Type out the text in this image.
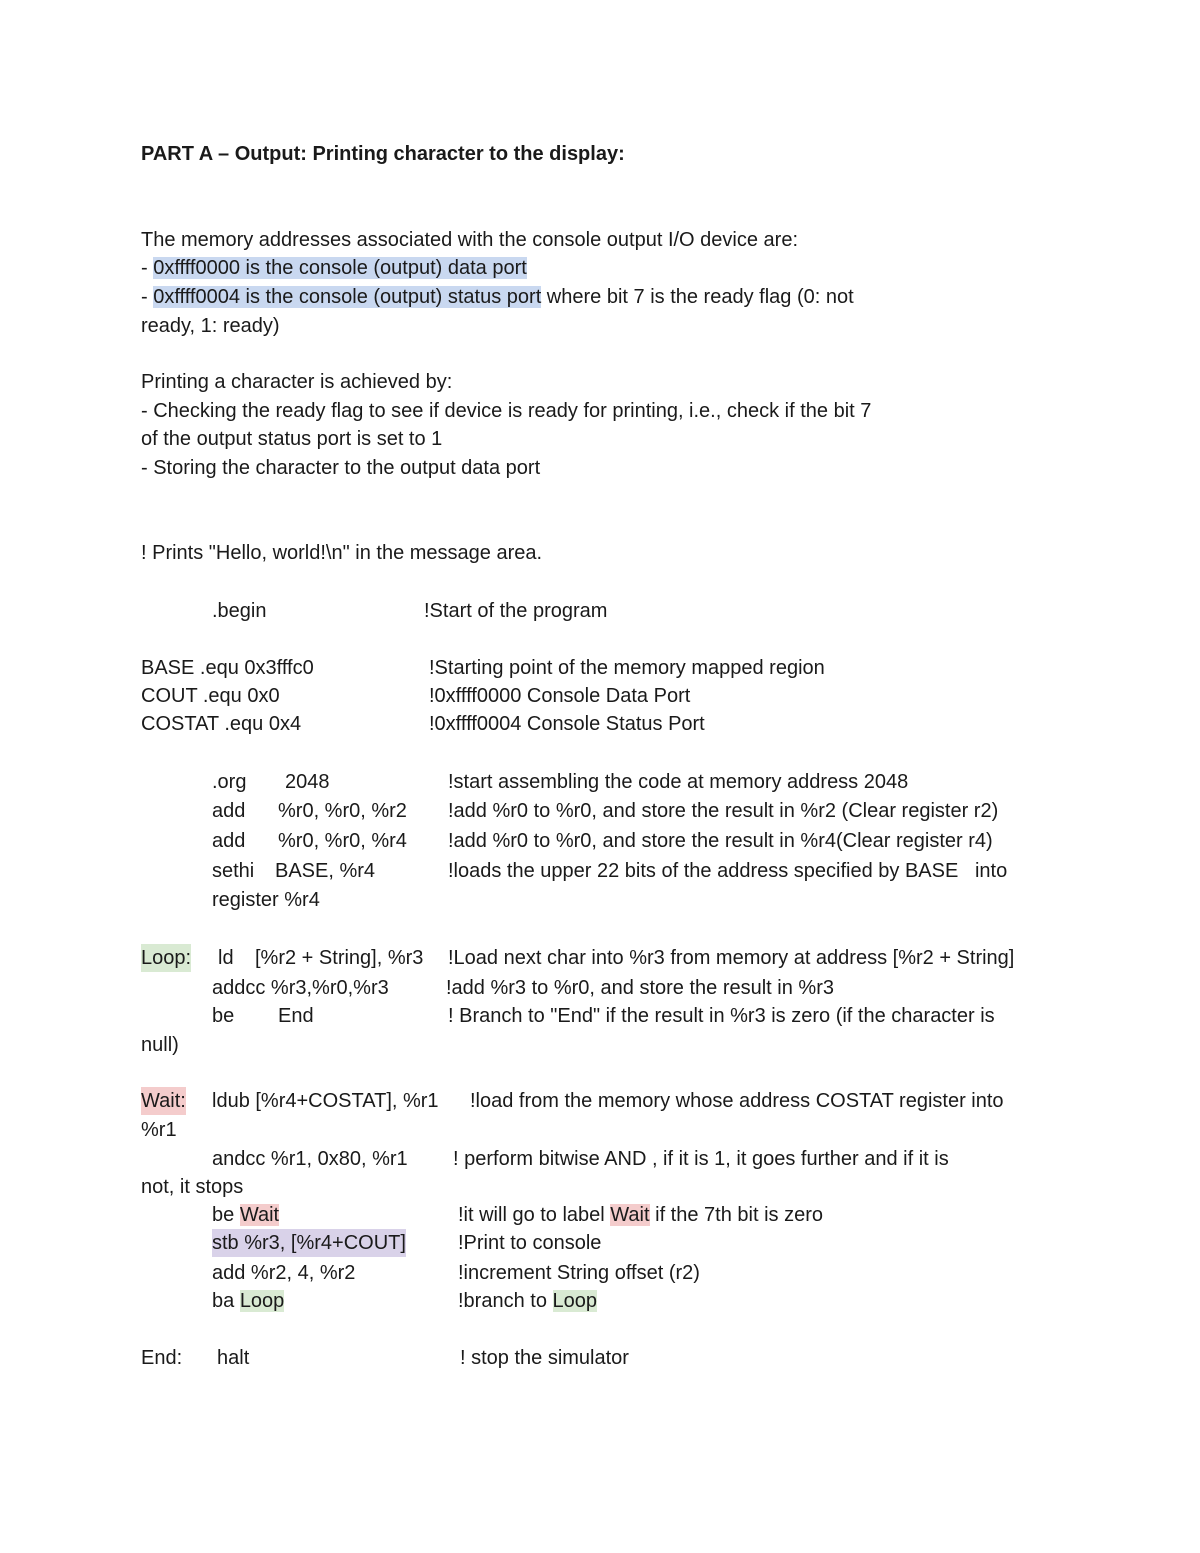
PART A – Output: Printing character to the display:
The memory addresses associated with the console output I/O device are:
- 0xffff0000 is the console (output) data port
- 0xffff0004 is the console (output) status port where bit 7 is the ready flag (0: not
ready, 1: ready)
Printing a character is achieved by:
- Checking the ready flag to see if device is ready for printing, i.e., check if the bit 7
of the output status port is set to 1
- Storing the character to the output data port
! Prints "Hello, world!\n" in the message area.
.begin	!Start of the program
BASE .equ 0x3fffc0	!Starting point of the memory mapped region
COUT .equ 0x0	!0xffff0000 Console Data Port
COSTAT .equ 0x4	!0xffff0004 Console Status Port
.org 2048	!start assembling the code at memory address 2048
add %r0, %r0, %r2 !add %r0 to %r0, and store the result in %r2 (Clear register r2)
add %r0, %r0, %r4 !add %r0 to %r0, and store the result in %r4(Clear register r4)
sethi BASE, %r4	!loads the upper 22 bits of the address specified by BASE   into
register %r4
Loop: ld [%r2 + String], %r3 !Load next char into %r3 from memory at address [%r2 + String]
addcc %r3,%r0,%r3	!add %r3 to %r0, and store the result in %r3
be End	! Branch to "End" if the result in %r3 is zero (if the character is
null)
Wait: ldub [%r4+COSTAT], %r1 !load from the memory whose address COSTAT register into
%r1
andcc %r1, 0x80, %r1 ! perform bitwise AND , if it is 1, it goes further and if it is
not, it stops
be Wait	!it will go to label Wait if the 7th bit is zero
stb %r3, [%r4+COUT]	!Print to console
add %r2, 4, %r2	!increment String offset (r2)
ba Loop	!branch to Loop
End: halt	! stop the simulator
